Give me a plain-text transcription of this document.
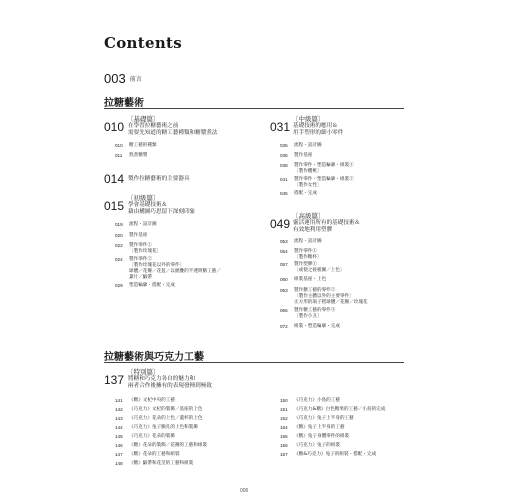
Contents
003 前言
拉糖藝術
〔基礎篇〕
010 在學習拉糖藝術之前
需要先知道的糖工藝種類和糖漿煮法
010 糖工藝的種類
011 熬煮糖漿
014 製作拉糖藝術的主要器具
〔初級篇〕
015 學會基礎技術＆
藉由構圖巧思留下深刻印象
019 流程・設計圖
020 製作基座
022 製作零件①
〔製作玫瑰花〕
024 製作零件②
〔製作玫瑰花以外的零件〕
球體／花瓣／花苞／以拋疊的半透明糖工藝／
葉片／緞帶
029 塑造輪廓・搭配・完成
〔中級篇〕
031 基礎技術的應用＆
用手塑形的細小零件
035 流程・設計圖
036 製作基座
038 製作零件・塑造輪廓・組裝①
〔製作櫻桃〕
041 製作零件・塑造輪廓・組裝②
〔製作女性〕
045 搭配・完成
〔高級篇〕
049 靈活運用所有的基礎技術＆
有效地利用塑膠
053 流程・設計圖
054 製作零件①
〔製作糖杯〕
057 製作塑膠①
〔或使之接板圖／上色〕
060 組裝基座・上色
063 製作糖工藝的零件②
〔製作主體以外的主要零件〕
正方形的鴿子糕球體／花瓣／玫瑰花
065 製作糖工藝的零件③
〔製作小丑〕
072 組裝・塑造輪廓・完成
拉糖藝術與巧克力工藝
〔特別篇〕
137 將糖和巧克力各自的魅力和
兩者合作後擁有的表現發揮到極致
141 《糖》文杞中央的工藝
142 《巧克力》文杞的裝飾／基座的上色
143 《巧克力》花朵的上色／蓋杯的上色
144 《巧克力》兔子臉孔的上色和裝飾
145 《巧克力》花朵的裝飾
146 《糖》花朵的裝飾／花瓣的工藝和組裝
147 《糖》花朵的工藝和組裝
148 《糖》緞帶和花莖的工藝和組裝
150 《巧克力》小島的工藝
151 《巧克力&糖》白色糖果的工藝／小島的完成
152 《巧克力》兔子上半身的工藝
154 《糖》兔子上半身的工藝
155 《糖》兔子身體零件的組裝
156 《巧克力》兔子的組裝
157 《糖&巧克力》兔子的組裝・搭配・完成
006
